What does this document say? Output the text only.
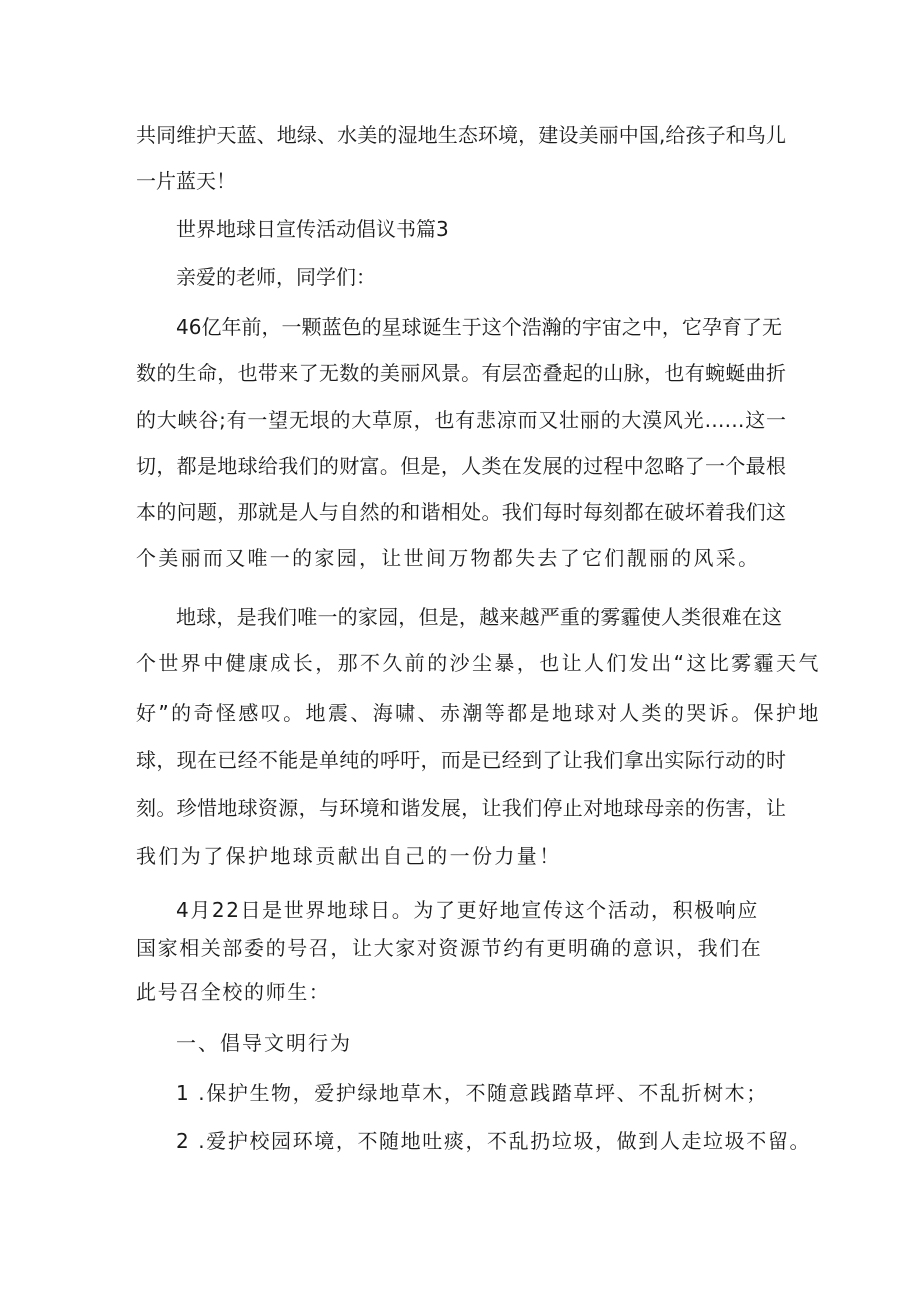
共同维护天蓝、地绿、水美的湿地生态环境，建设美丽中国,给孩子和鸟儿
一片蓝天！
世界地球日宣传活动倡议书篇3
亲爱的老师，同学们：
46亿年前，一颗蓝色的星球诞生于这个浩瀚的宇宙之中，它孕育了无
数的生命，也带来了无数的美丽风景。有层峦叠起的山脉，也有蜿蜒曲折
的大峡谷;有一望无垠的大草原，也有悲凉而又壮丽的大漠风光……这一
切，都是地球给我们的财富。但是，人类在发展的过程中忽略了一个最根
本的问题，那就是人与自然的和谐相处。我们每时每刻都在破坏着我们这
个美丽而又唯一的家园，让世间万物都失去了它们靓丽的风采。
地球，是我们唯一的家园，但是，越来越严重的雾霾使人类很难在这
个世界中健康成长，那不久前的沙尘暴，也让人们发出“这比雾霾天气
好”的奇怪感叹。地震、海啸、赤潮等都是地球对人类的哭诉。保护地
球，现在已经不能是单纯的呼吁，而是已经到了让我们拿出实际行动的时
刻。珍惜地球资源，与环境和谐发展，让我们停止对地球母亲的伤害，让
我们为了保护地球贡献出自己的一份力量！
4月22日是世界地球日。为了更好地宣传这个活动，积极响应
国家相关部委的号召，让大家对资源节约有更明确的意识，我们在
此号召全校的师生：
一、倡导文明行为
1 .保护生物，爱护绿地草木，不随意践踏草坪、不乱折树木；
2 .爱护校园环境，不随地吐痰，不乱扔垃圾，做到人走垃圾不留。
